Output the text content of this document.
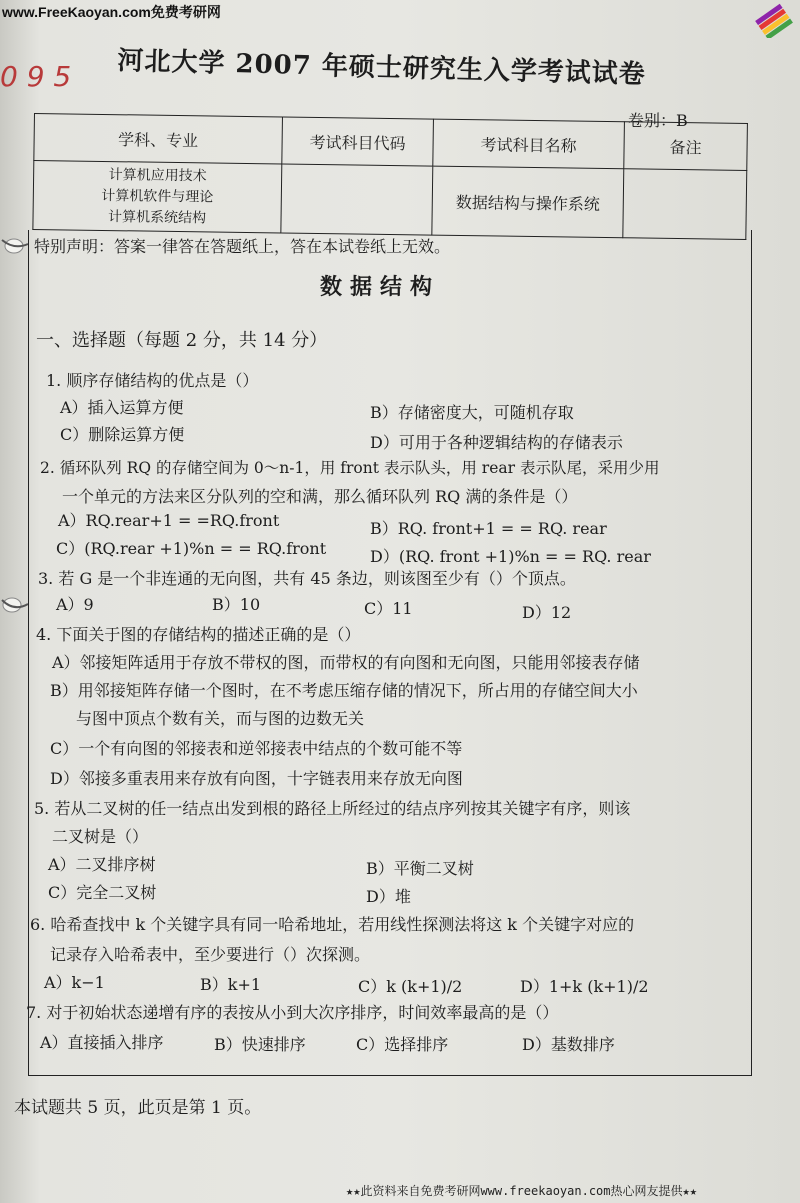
www.FreeKaoyan.com免费考研网
0 9 5 河北大学 2007 年硕士研究生入学考试试卷
卷别：B
学科、专业	考试科目代码	考试科目名称	备注

计算机应用技术
计算机软件与理论
计算机系统结构		数据结构与操作系统	
特别声明：答案一律答在答题纸上，答在本试卷纸上无效。
数据结构
一、选择题（每题 2 分，共 14 分）
1. 顺序存储结构的优点是（）
A）插入运算方便	B）存储密度大，可随机存取
C）删除运算方便	D）可用于各种逻辑结构的存储表示
2. 循环队列 RQ 的存储空间为 0～n-1，用 front 表示队头，用 rear 表示队尾，采用少用
一个单元的方法来区分队列的空和满，那么循环队列 RQ 满的条件是（）
A）RQ.rear+1 = =RQ.front	B）RQ. front+1 = = RQ. rear
C）(RQ.rear +1)%n = = RQ.front	D）(RQ. front +1)%n = = RQ. rear
3. 若 G 是一个非连通的无向图，共有 45 条边，则该图至少有（）个顶点。
A）9	B）10	C）11	D）12
4. 下面关于图的存储结构的描述正确的是（）
A）邻接矩阵适用于存放不带权的图，而带权的有向图和无向图，只能用邻接表存储
B）用邻接矩阵存储一个图时，在不考虑压缩存储的情况下，所占用的存储空间大小
与图中顶点个数有关，而与图的边数无关
C）一个有向图的邻接表和逆邻接表中结点的个数可能不等
D）邻接多重表用来存放有向图，十字链表用来存放无向图
5. 若从二叉树的任一结点出发到根的路径上所经过的结点序列按其关键字有序，则该
二叉树是（）
A）二叉排序树	B）平衡二叉树
C）完全二叉树	D）堆
6. 哈希查找中 k 个关键字具有同一哈希地址，若用线性探测法将这 k 个关键字对应的
记录存入哈希表中，至少要进行（）次探测。
A）k−1	B）k+1	C）k (k+1)/2	D）1+k (k+1)/2
7. 对于初始状态递增有序的表按从小到大次序排序，时间效率最高的是（）
A）直接插入排序	B）快速排序	C）选择排序	D）基数排序
本试题共 5 页，此页是第 1 页。
★★此资料来自免费考研网www.freekaoyan.com热心网友提供★★
